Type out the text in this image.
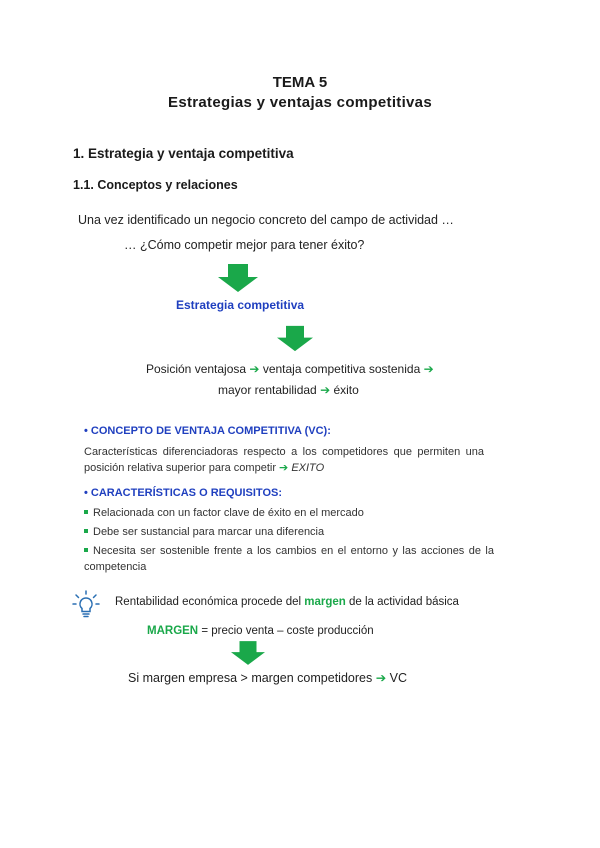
TEMA 5
Estrategias y ventajas competitivas
1. Estrategia y ventaja competitiva
1.1. Conceptos y relaciones
Una vez identificado un negocio concreto del campo de actividad …
… ¿Cómo competir mejor para tener éxito?
Estrategia competitiva
Posición ventajosa ➔ ventaja competitiva sostenida ➔
mayor rentabilidad ➔ éxito
• CONCEPTO DE VENTAJA COMPETITIVA (VC):
Características diferenciadoras respecto a los competidores que permiten una posición relativa superior para competir ➔ EXITO
• CARACTERÍSTICAS O REQUISITOS:
Relacionada con un factor clave de éxito en el mercado
Debe ser sustancial para marcar una diferencia
Necesita ser sostenible frente a los cambios en el entorno y las acciones de la competencia
Rentabilidad económica procede del margen de la actividad básica
MARGEN = precio venta – coste producción
Si margen empresa > margen competidores ➔ VC
